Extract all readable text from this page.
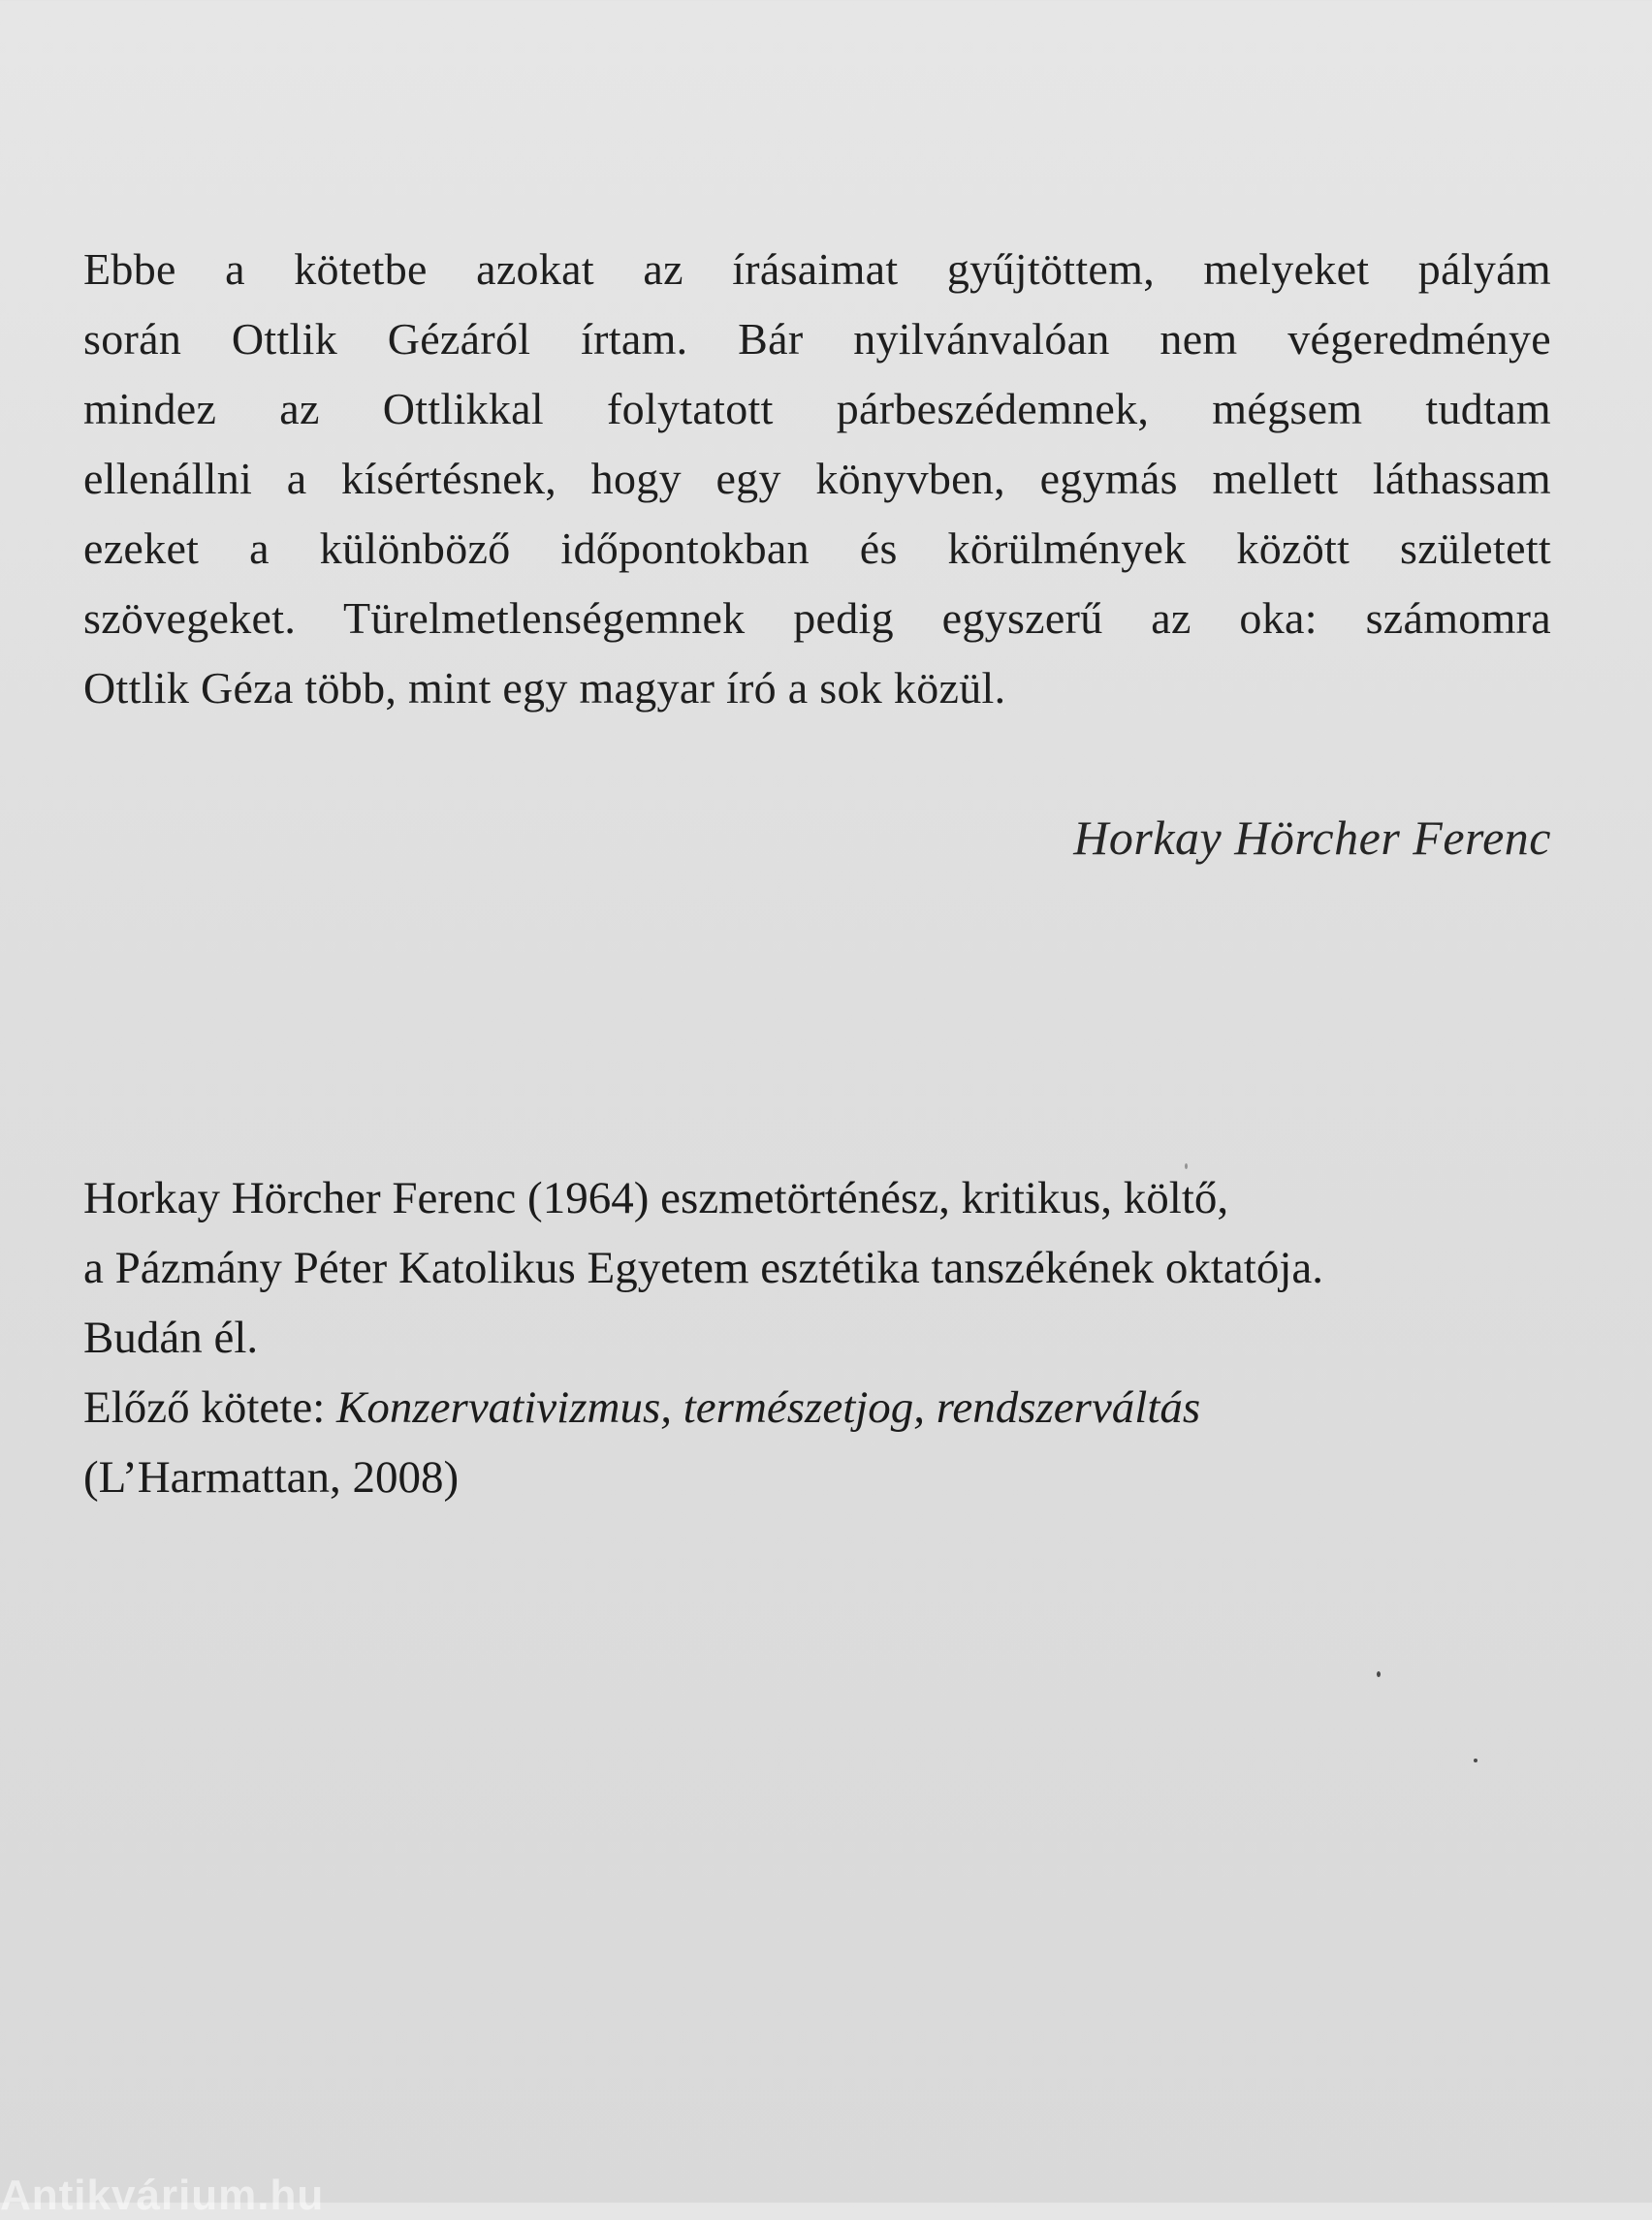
Ebbe a kötetbe azokat az írásaimat gyűjtöttem, melyeket pályám
során Ottlik Gézáról írtam. Bár nyilvánvalóan nem végeredménye
mindez az Ottlikkal folytatott párbeszédemnek, mégsem tudtam
ellenállni a kísértésnek, hogy egy könyvben, egymás mellett láthassam
ezeket a különböző időpontokban és körülmények között született
szövegeket. Türelmetlenségemnek pedig egyszerű az oka: számomra
Ottlik Géza több, mint egy magyar író a sok közül.
Horkay Hörcher Ferenc
Horkay Hörcher Ferenc (1964) eszmetörténész, kritikus, költő,
a Pázmány Péter Katolikus Egyetem esztétika tanszékének oktatója.
Budán él.
Előző kötete: Konzervativizmus, természetjog, rendszerváltás
(L’Harmattan, 2008)
Antikvárium.hu
